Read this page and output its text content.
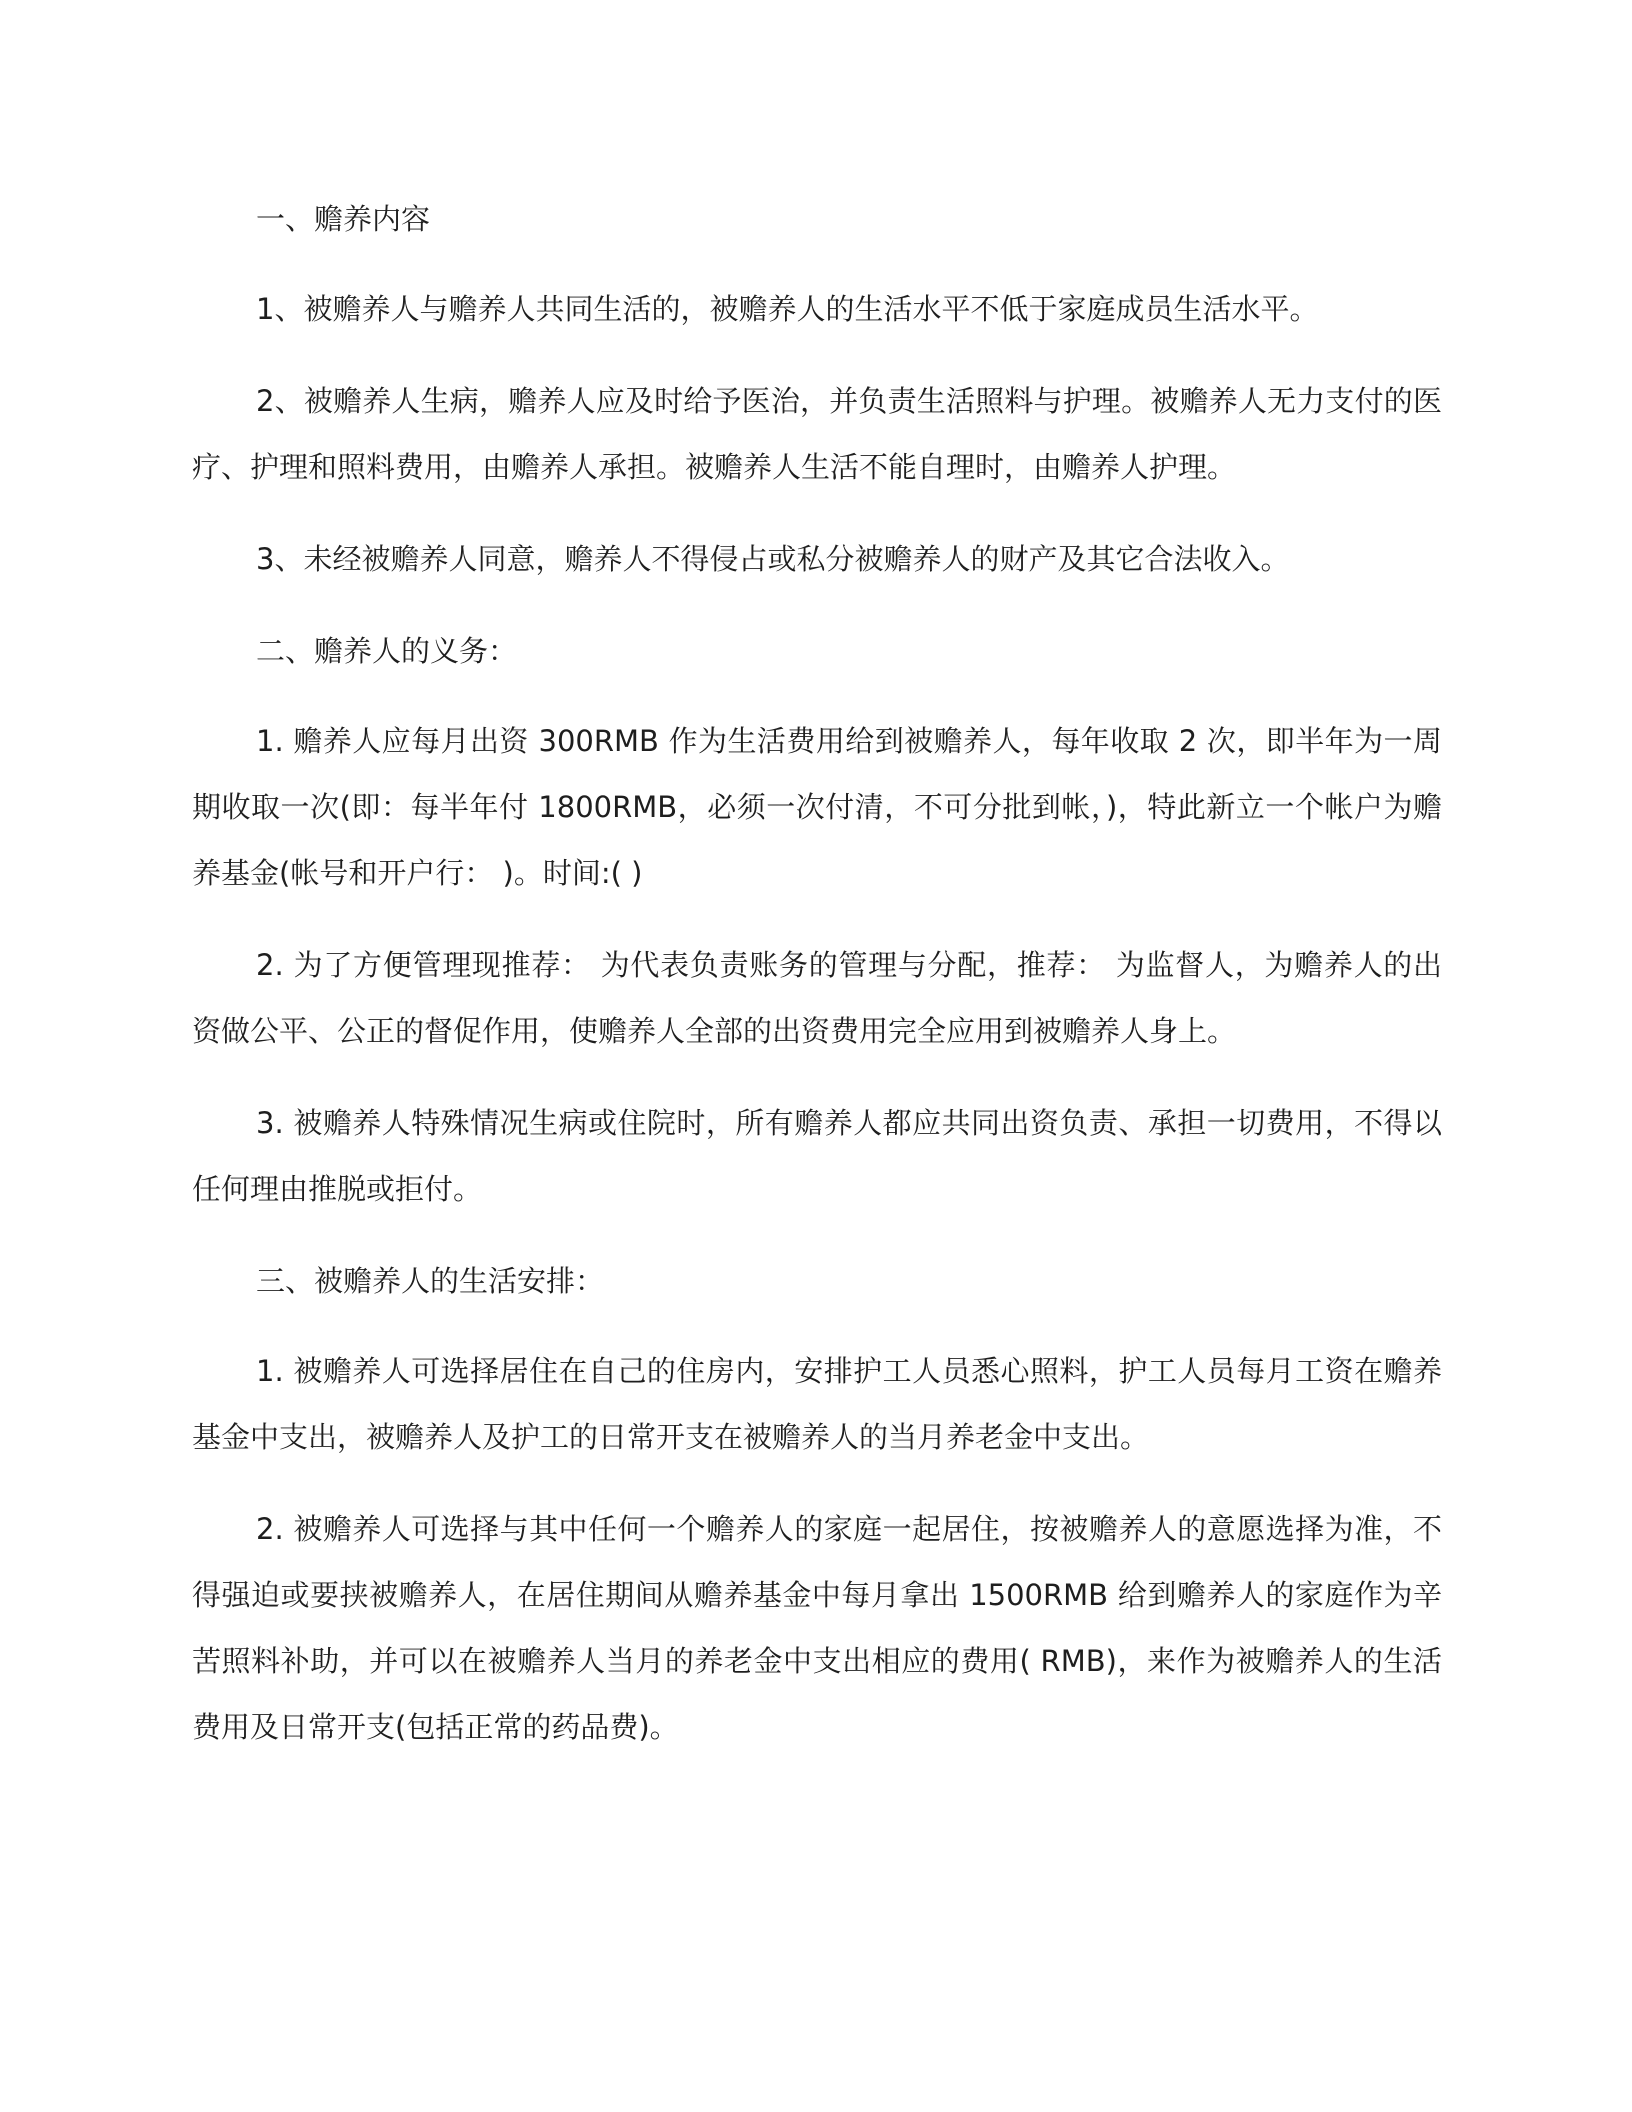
一、赡养内容

1、被赡养人与赡养人共同生活的，被赡养人的生活水平不低于家庭成员生活水平。

2、被赡养人生病，赡养人应及时给予医治，并负责生活照料与护理。被赡养人无力支付的医疗、护理和照料费用，由赡养人承担。被赡养人生活不能自理时，由赡养人护理。

3、未经被赡养人同意，赡养人不得侵占或私分被赡养人的财产及其它合法收入。

二、赡养人的义务：

1. 赡养人应每月出资 300RMB 作为生活费用给到被赡养人，每年收取 2 次，即半年为一周期收取一次(即：每半年付 1800RMB，必须一次付清，不可分批到帐，)，特此新立一个帐户为赡养基金(帐号和开户行： )。时间:( )

2. 为了方便管理现推荐： 为代表负责账务的管理与分配，推荐： 为监督人，为赡养人的出资做公平、公正的督促作用，使赡养人全部的出资费用完全应用到被赡养人身上。

3. 被赡养人特殊情况生病或住院时，所有赡养人都应共同出资负责、承担一切费用，不得以任何理由推脱或拒付。

三、被赡养人的生活安排：

1. 被赡养人可选择居住在自己的住房内，安排护工人员悉心照料，护工人员每月工资在赡养基金中支出，被赡养人及护工的日常开支在被赡养人的当月养老金中支出。

2. 被赡养人可选择与其中任何一个赡养人的家庭一起居住，按被赡养人的意愿选择为准，不得强迫或要挟被赡养人，在居住期间从赡养基金中每月拿出 1500RMB 给到赡养人的家庭作为辛苦照料补助，并可以在被赡养人当月的养老金中支出相应的费用( RMB)，来作为被赡养人的生活费用及日常开支(包括正常的药品费)。
